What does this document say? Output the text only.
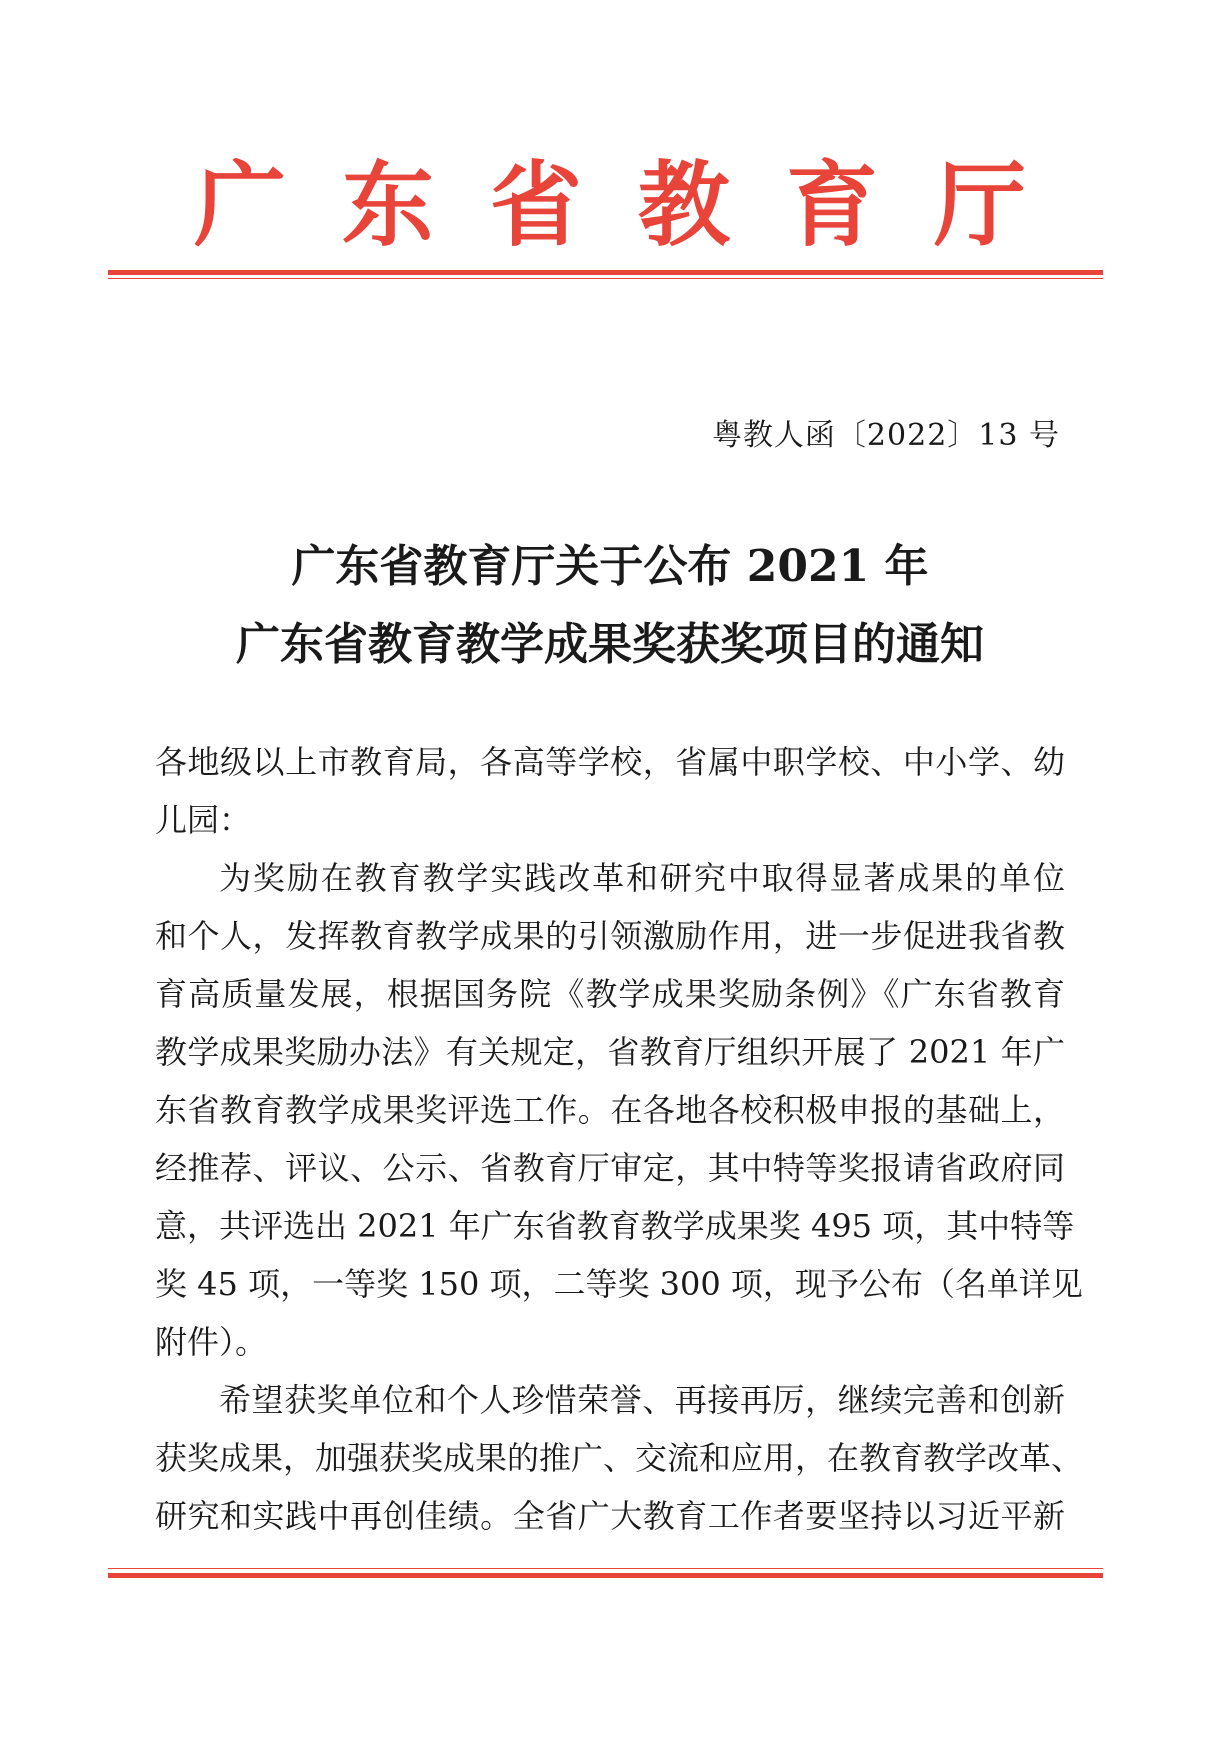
广 东 省 教 育 厅
粤教人函〔2022〕13 号
广东省教育厅关于公布 2021 年
广东省教育教学成果奖获奖项目的通知
各地级以上市教育局，各高等学校，省属中职学校、中小学、幼
儿园：
为奖励在教育教学实践改革和研究中取得显著成果的单位
和个人，发挥教育教学成果的引领激励作用，进一步促进我省教
育高质量发展，根据国务院《教学成果奖励条例》《广东省教育
教学成果奖励办法》有关规定，省教育厅组织开展了 2021 年广
东省教育教学成果奖评选工作。在各地各校积极申报的基础上，
经推荐、评议、公示、省教育厅审定，其中特等奖报请省政府同
意，共评选出 2021 年广东省教育教学成果奖 495 项，其中特等
奖 45 项，一等奖 150 项，二等奖 300 项，现予公布（名单详见
附件）。
希望获奖单位和个人珍惜荣誉、再接再厉，继续完善和创新
获奖成果，加强获奖成果的推广、交流和应用，在教育教学改革、
研究和实践中再创佳绩。全省广大教育工作者要坚持以习近平新
